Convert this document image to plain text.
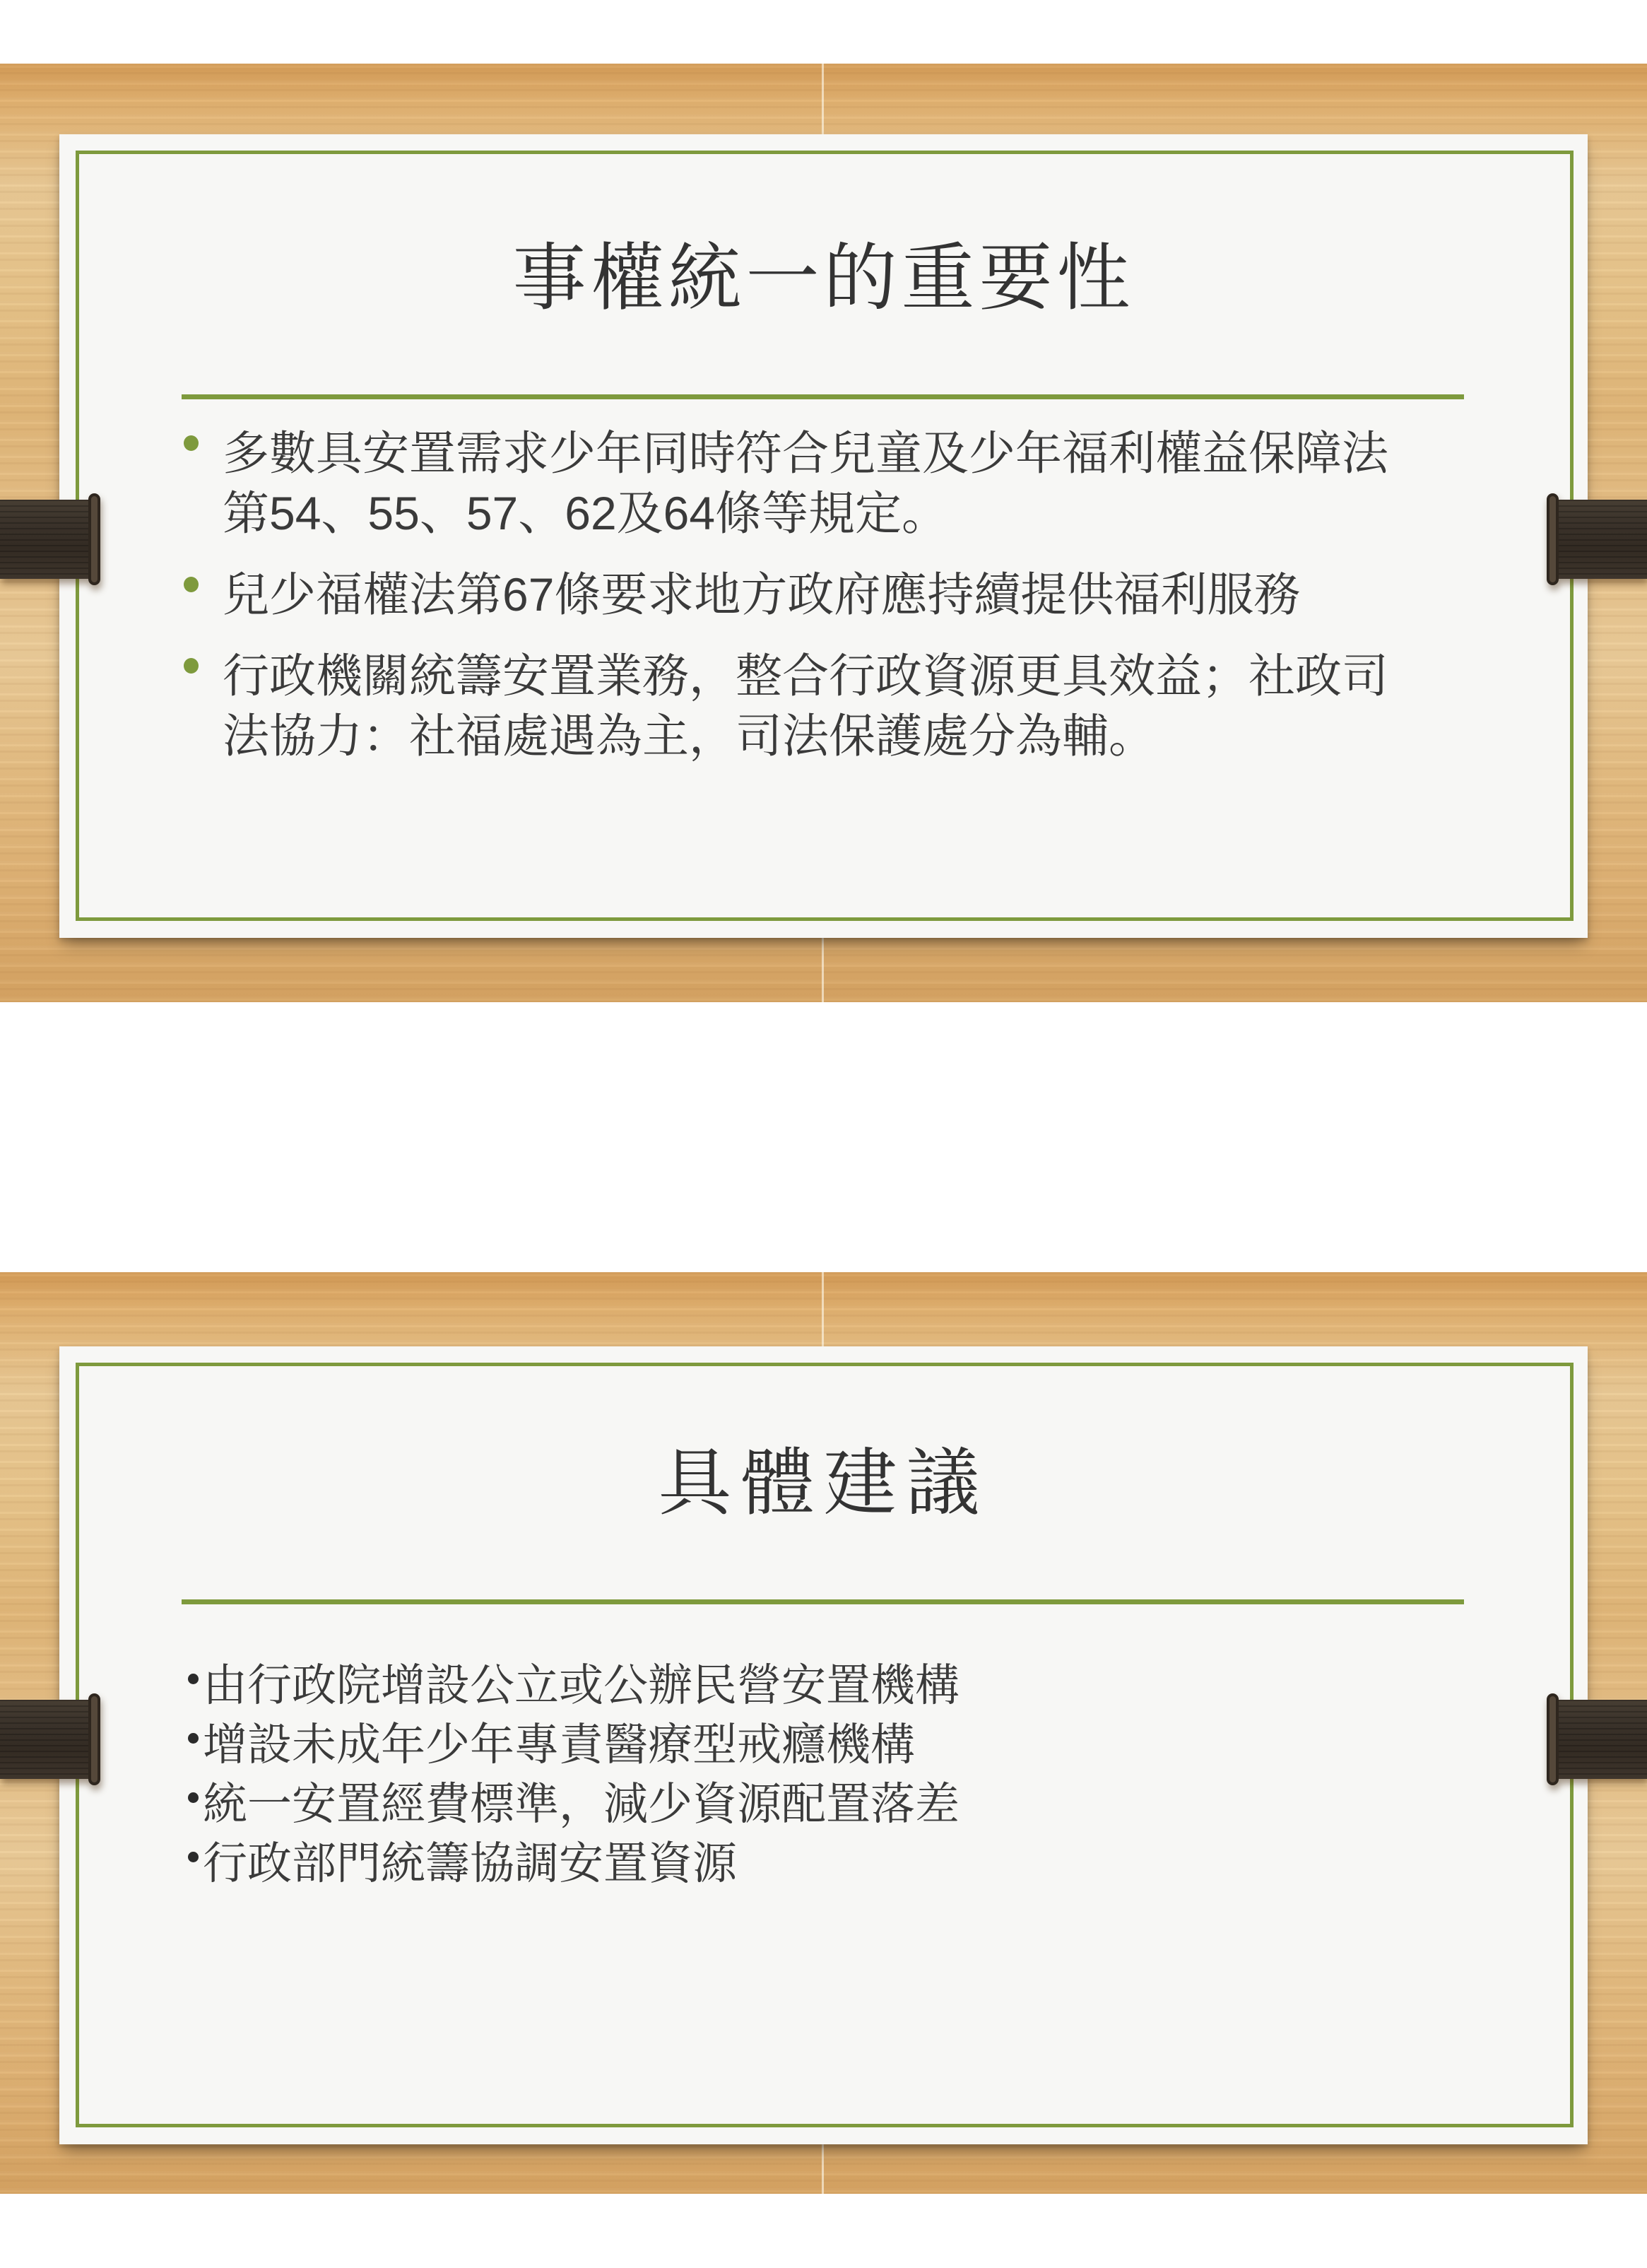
事權統一的重要性
多數具安置需求少年同時符合兒童及少年福利權益保障法
第54、55、57、62及64條等規定。
兒少福權法第67條要求地方政府應持續提供福利服務
行政機關統籌安置業務，整合行政資源更具效益；社政司
法協力：社福處遇為主，司法保護處分為輔。
具體建議
由行政院增設公立或公辦民營安置機構
增設未成年少年專責醫療型戒癮機構
統一安置經費標準，減少資源配置落差
行政部門統籌協調安置資源
